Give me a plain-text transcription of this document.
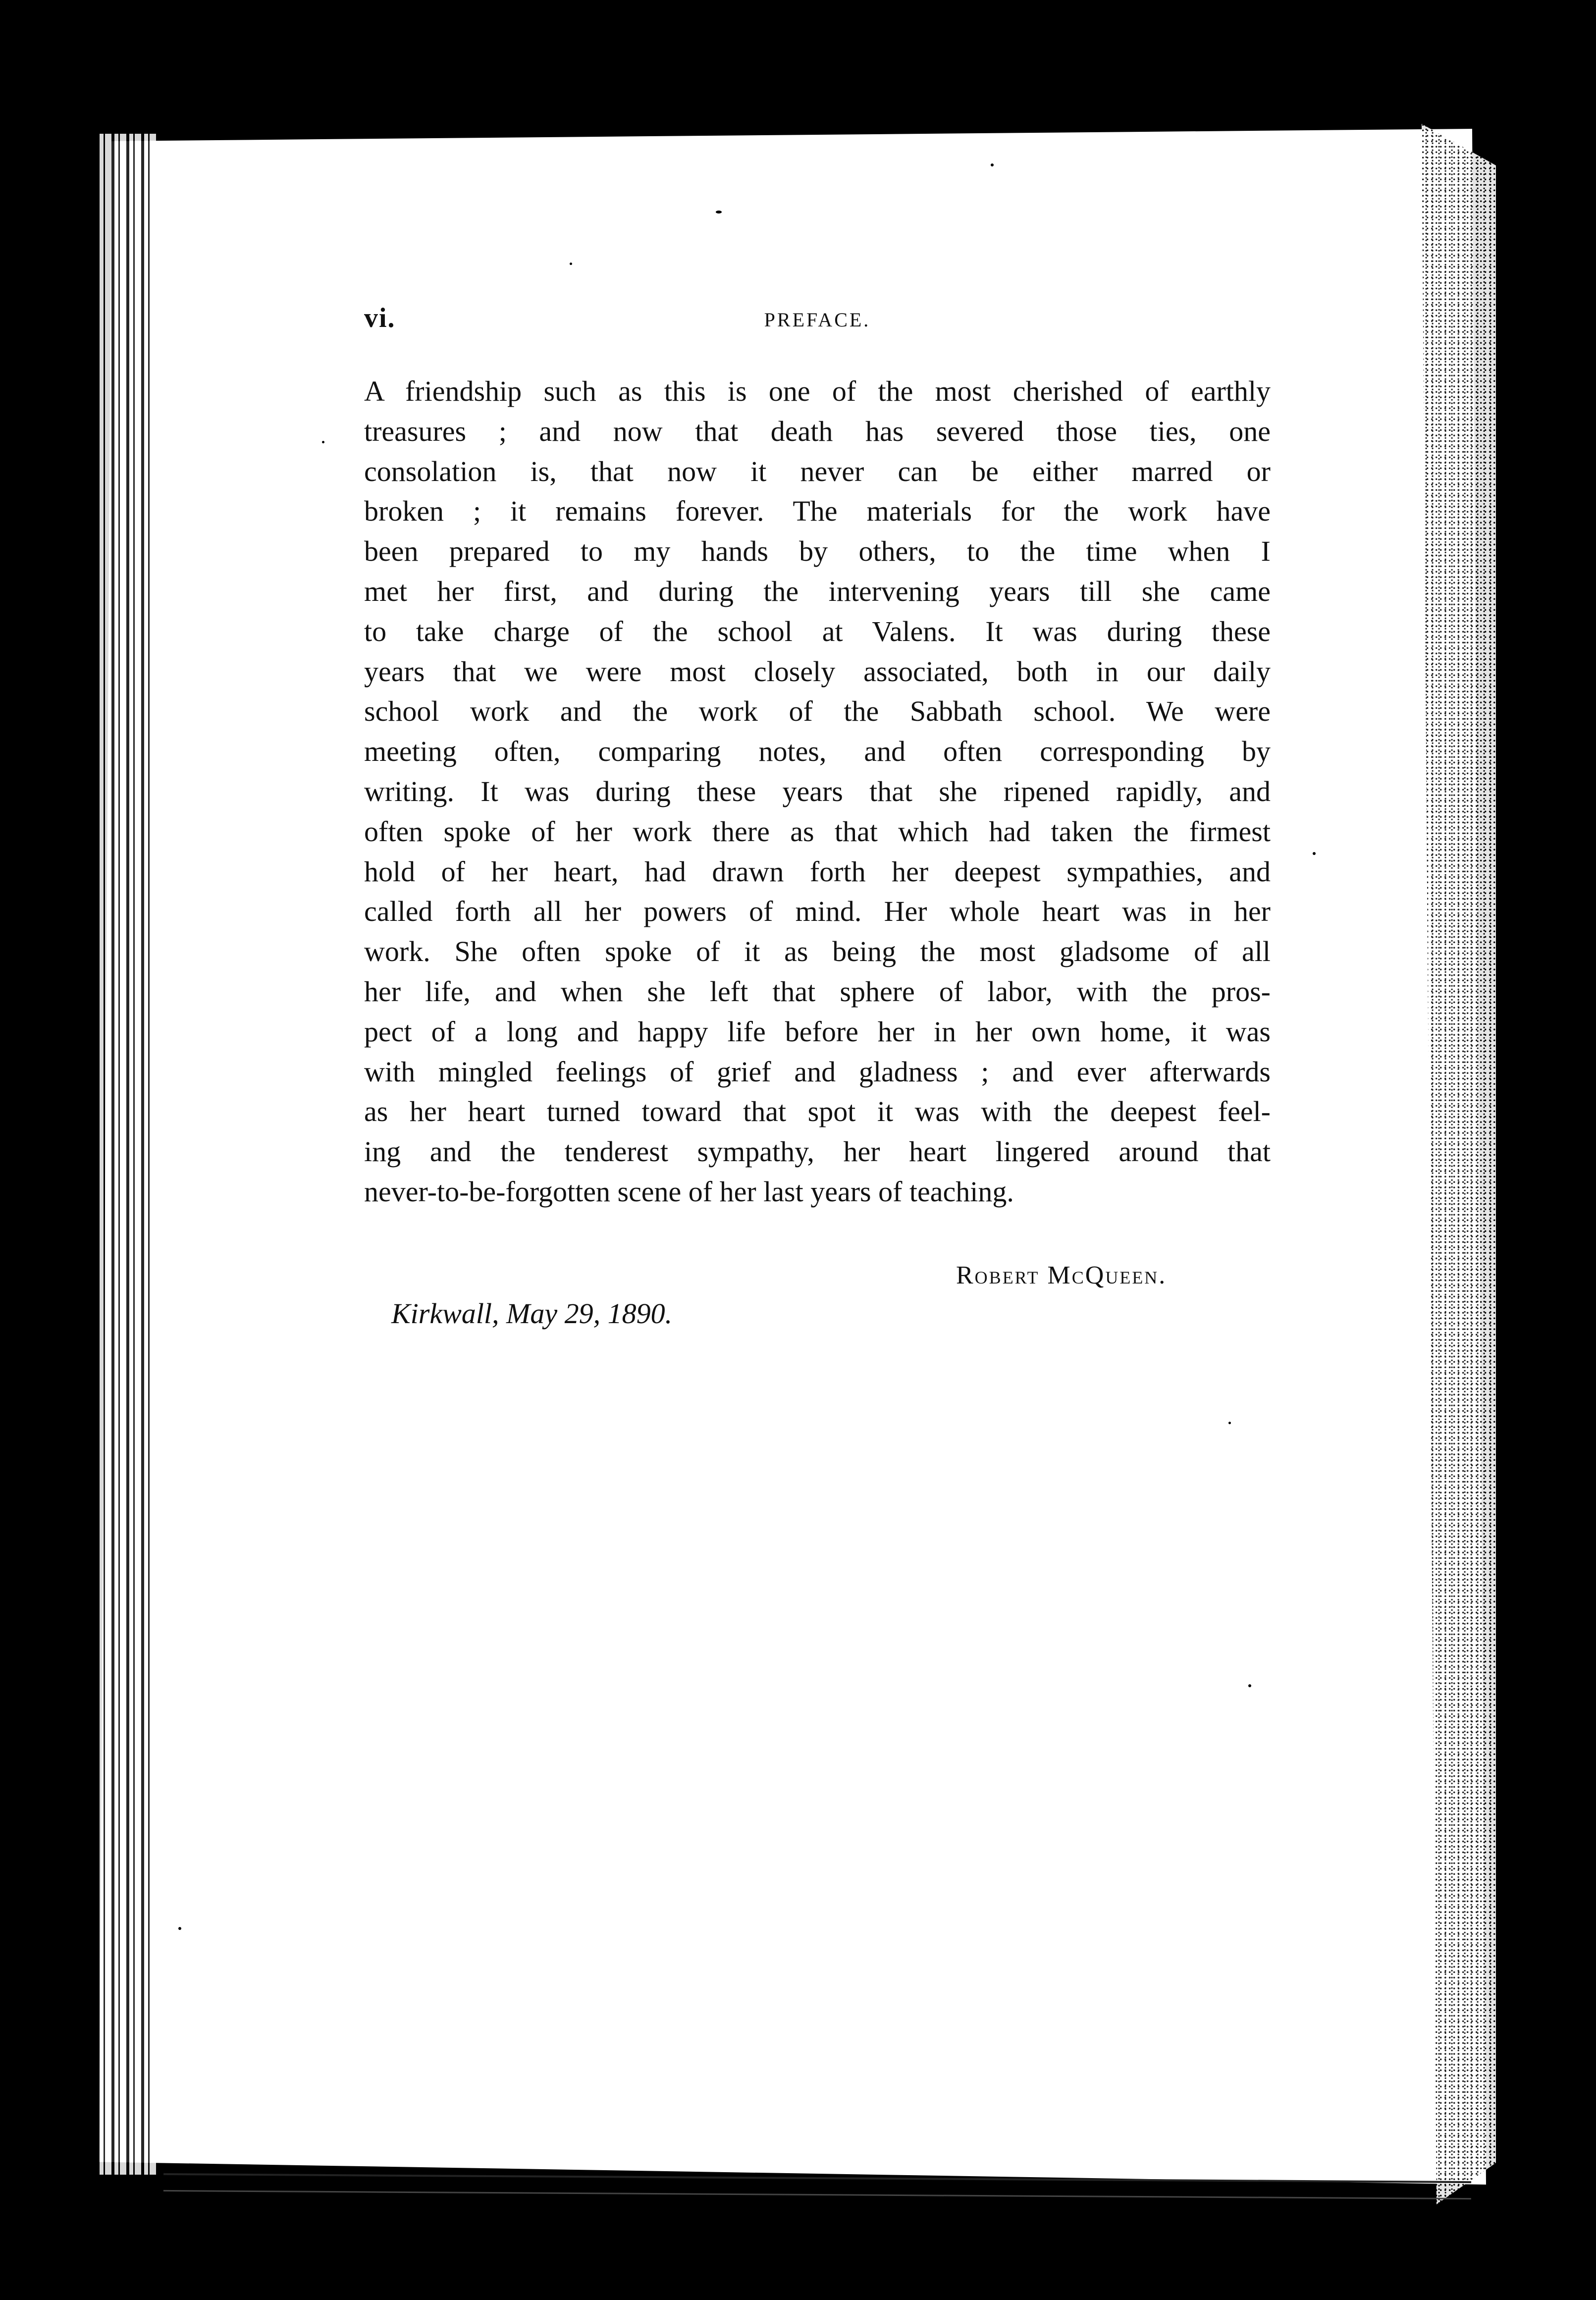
vi.	PREFACE.
A friendship such as this is one of the most cherished of earthly
treasures ; and now that death has severed those ties, one
consolation is, that now it never can be either marred or
broken ; it remains forever. The materials for the work have
been prepared to my hands by others, to the time when I
met her first, and during the intervening years till she came
to take charge of the school at Valens. It was during these
years that we were most closely associated, both in our daily
school work and the work of the Sabbath school. We were
meeting often, comparing notes, and often corresponding by
writing. It was during these years that she ripened rapidly, and
often spoke of her work there as that which had taken the firmest
hold of her heart, had drawn forth her deepest sympathies, and
called forth all her powers of mind. Her whole heart was in her
work. She often spoke of it as being the most gladsome of all
her life, and when she left that sphere of labor, with the pros-
pect of a long and happy life before her in her own home, it was
with mingled feelings of grief and gladness ; and ever afterwards
as her heart turned toward that spot it was with the deepest feel-
ing and the tenderest sympathy, her heart lingered around that
never-to-be-forgotten scene of her last years of teaching.
Robert McQueen.
Kirkwall, May 29, 1890.
